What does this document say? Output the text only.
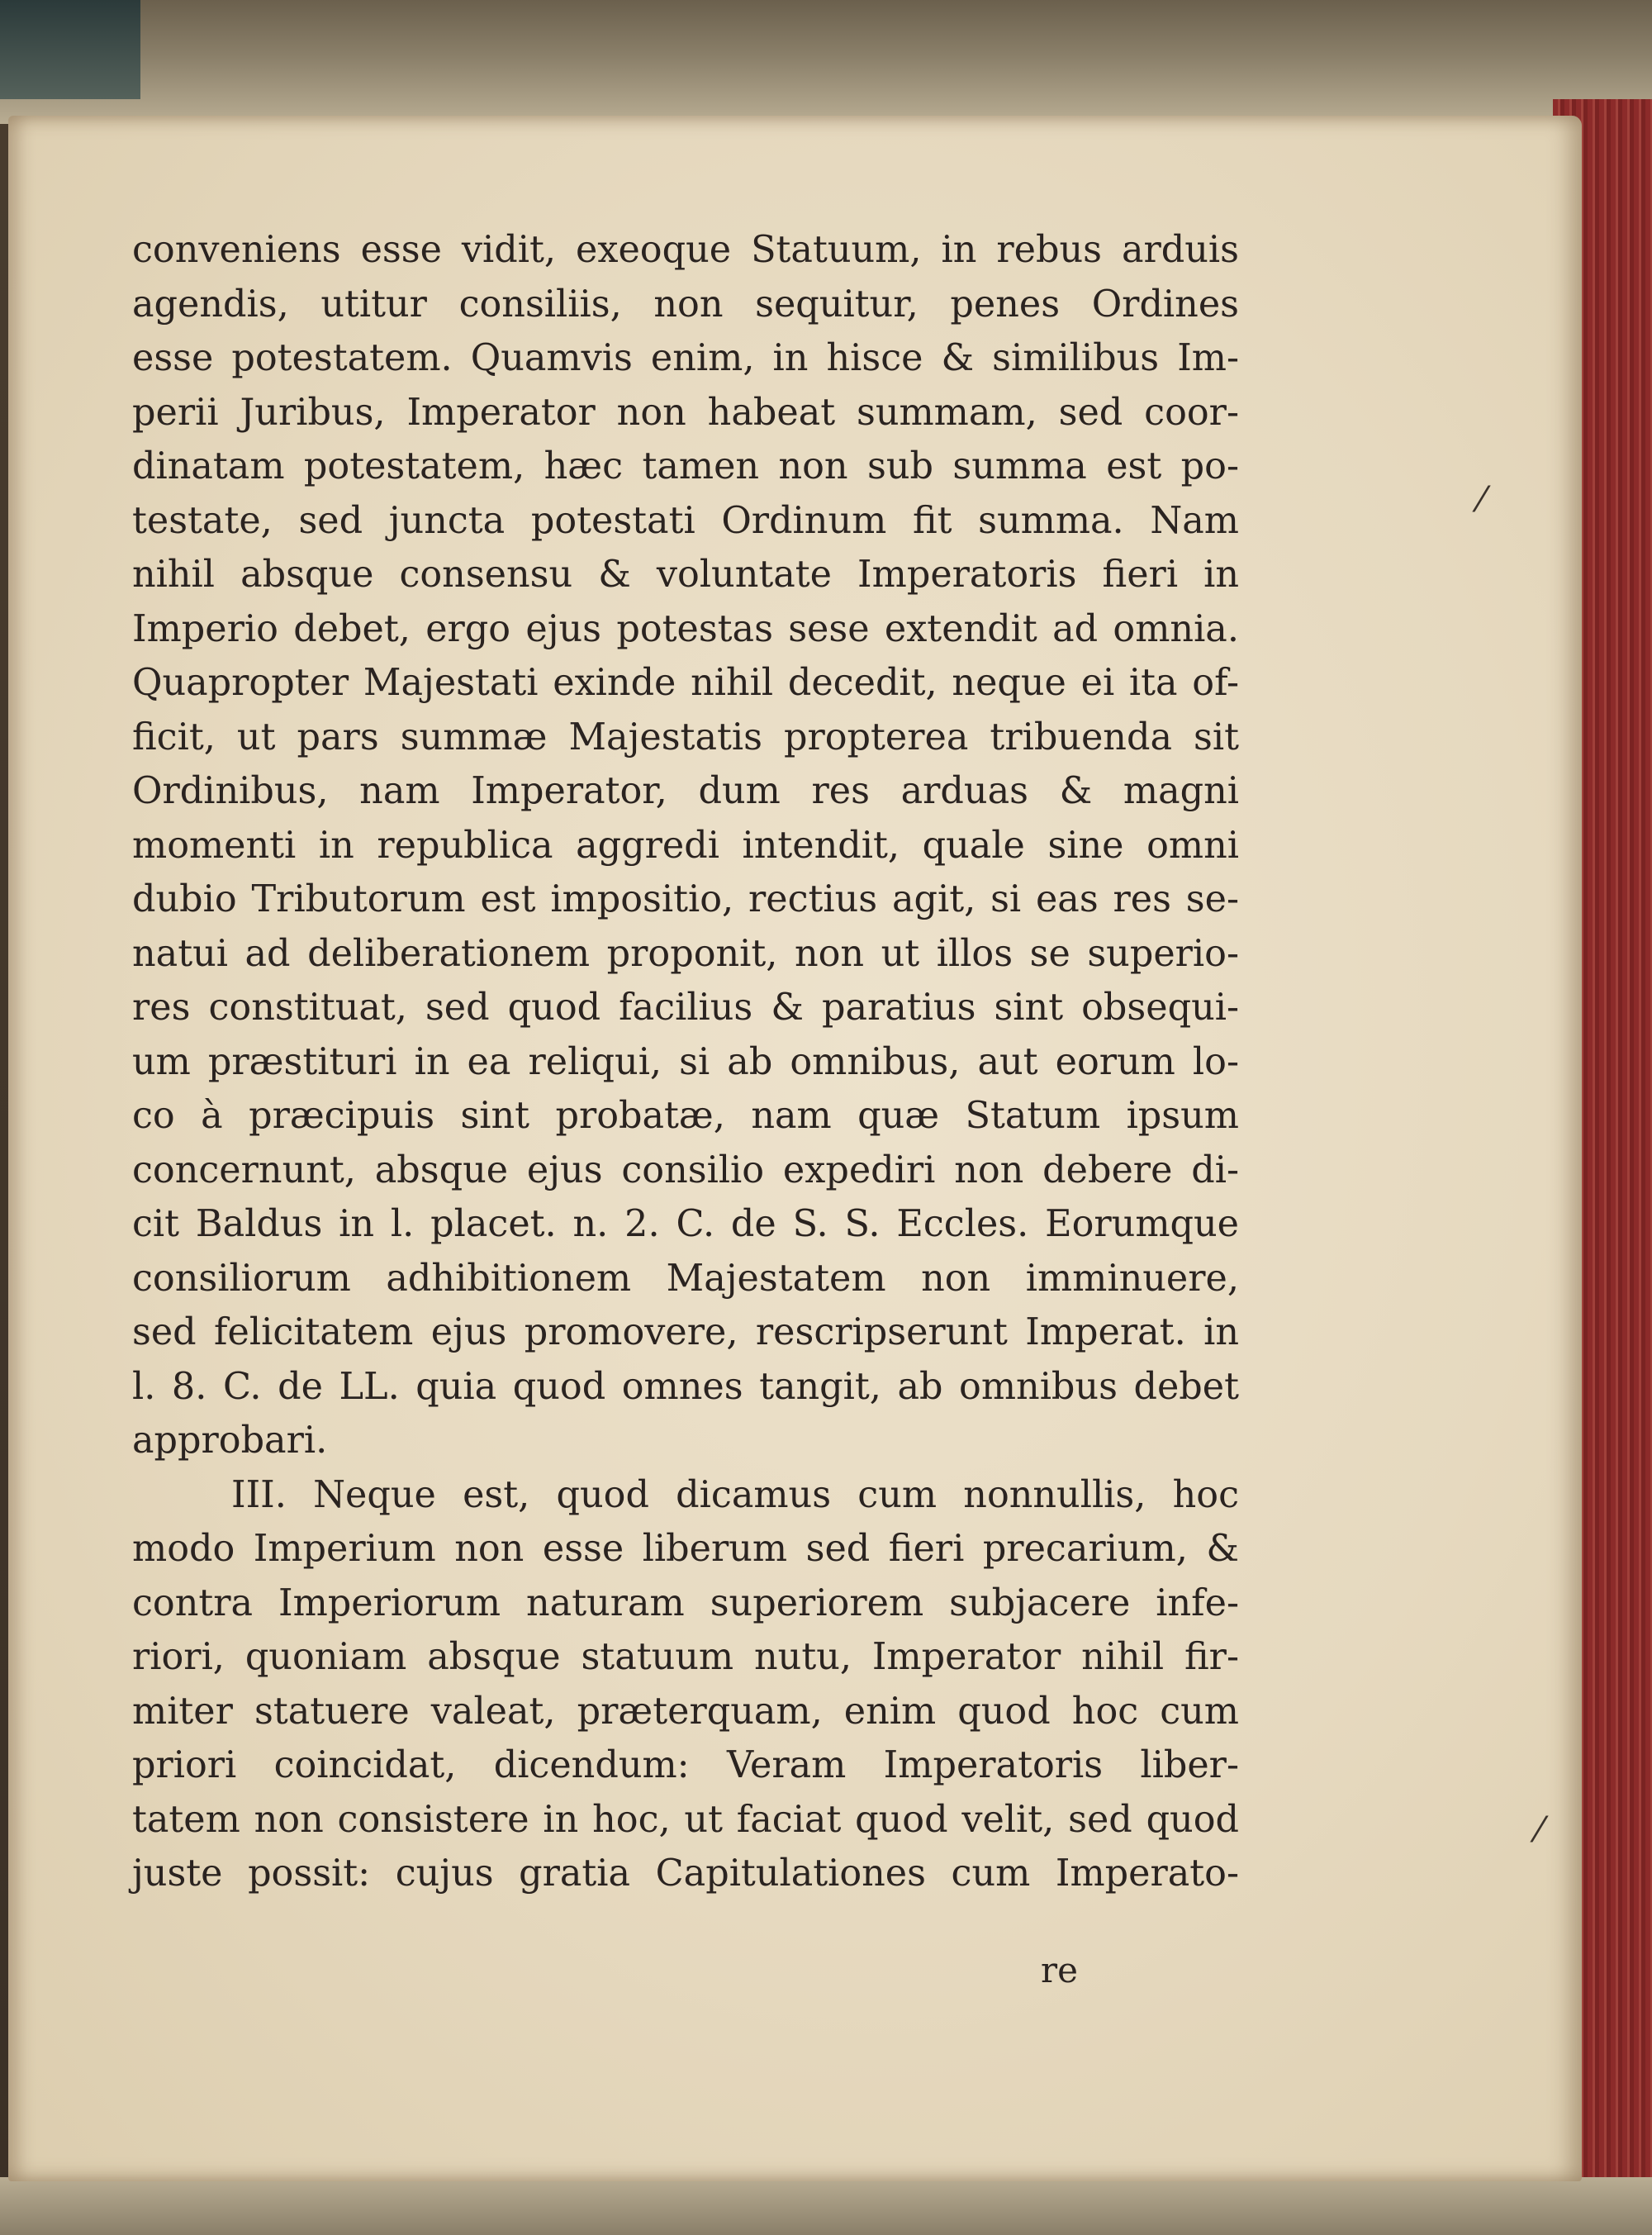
conveniens esse vidit, exeoque Statuum, in rebus arduis
agendis, utitur consiliis, non sequitur, penes Ordines
esse potestatem. Quamvis enim, in hisce & similibus Im-
perii Juribus, Imperator non habeat summam, sed coor-
dinatam potestatem, hæc tamen non sub summa est po-
testate, sed juncta potestati Ordinum fit summa. Nam
nihil absque consensu & voluntate Imperatoris fieri in
Imperio debet, ergo ejus potestas sese extendit ad omnia.
Quapropter Majestati exinde nihil decedit, neque ei ita of-
ficit, ut pars summæ Majestatis propterea tribuenda sit
Ordinibus, nam Imperator, dum res arduas & magni
momenti in republica aggredi intendit, quale sine omni
dubio Tributorum est impositio, rectius agit, si eas res se-
natui ad deliberationem proponit, non ut illos se superio-
res constituat, sed quod facilius & paratius sint obsequi-
um præstituri in ea reliqui, si ab omnibus, aut eorum lo-
co à præcipuis sint probatæ, nam quæ Statum ipsum
concernunt, absque ejus consilio expediri non debere di-
cit Baldus in l. placet. n. 2. C. de S. S. Eccles. Eorumque
consiliorum adhibitionem Majestatem non imminuere,
sed felicitatem ejus promovere, rescripserunt Imperat. in
l. 8. C. de LL. quia quod omnes tangit, ab omnibus debet
approbari.
III. Neque est, quod dicamus cum nonnullis, hoc
modo Imperium non esse liberum sed fieri precarium, &
contra Imperiorum naturam superiorem subjacere infe-
riori, quoniam absque statuum nutu, Imperator nihil fir-
miter statuere valeat, præterquam, enim quod hoc cum
priori coincidat, dicendum: Veram Imperatoris liber-
tatem non consistere in hoc, ut faciat quod velit, sed quod
juste possit: cujus gratia Capitulationes cum Imperato-
re
⁄
⁄
